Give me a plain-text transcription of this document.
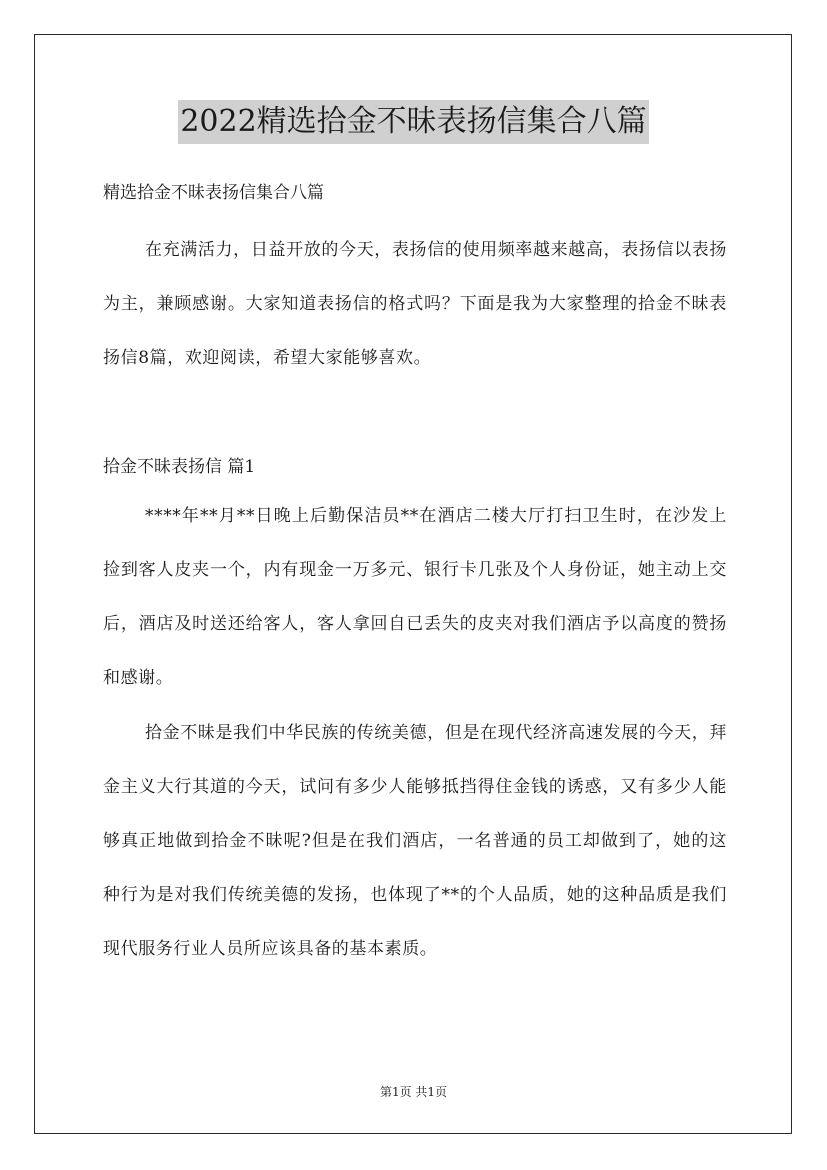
2022精选拾金不昧表扬信集合八篇
精选拾金不昧表扬信集合八篇
在充满活力，日益开放的今天，表扬信的使用频率越来越高，表扬信以表扬为主，兼顾感谢。大家知道表扬信的格式吗？下面是我为大家整理的拾金不昧表扬信8篇，欢迎阅读，希望大家能够喜欢。
拾金不昧表扬信 篇1
****年**月**日晚上后勤保洁员**在酒店二楼大厅打扫卫生时，在沙发上捡到客人皮夹一个，内有现金一万多元、银行卡几张及个人身份证，她主动上交后，酒店及时送还给客人，客人拿回自已丢失的皮夹对我们酒店予以高度的赞扬和感谢。
拾金不昧是我们中华民族的传统美德，但是在现代经济高速发展的今天，拜金主义大行其道的今天，试问有多少人能够抵挡得住金钱的诱惑，又有多少人能够真正地做到拾金不昧呢?但是在我们酒店，一名普通的员工却做到了，她的这种行为是对我们传统美德的发扬，也体现了**的个人品质，她的这种品质是我们现代服务行业人员所应该具备的基本素质。
第1页 共1页
